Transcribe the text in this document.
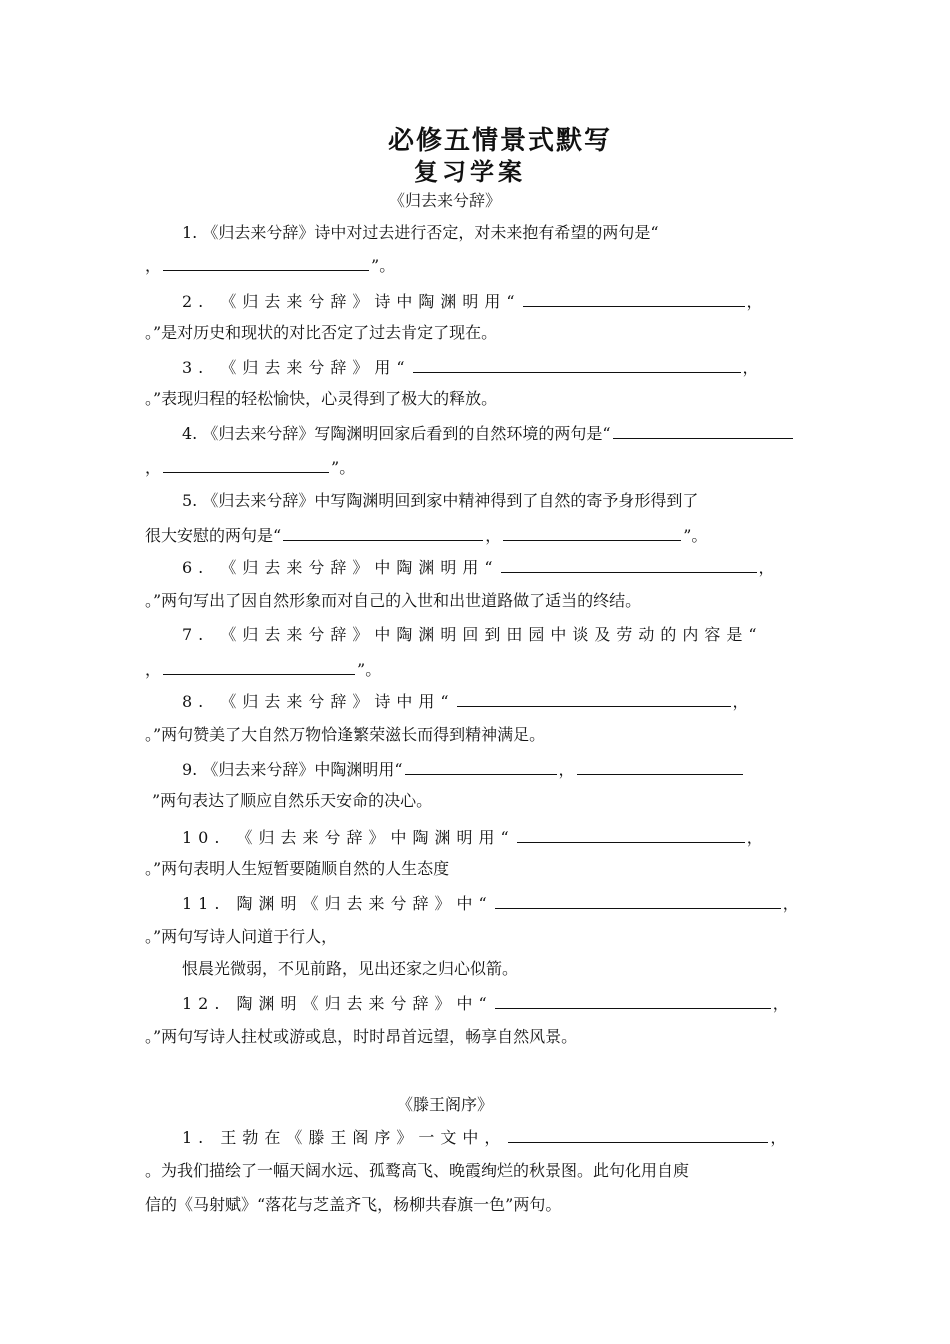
必修五情景式默写
复习学案
《归去来兮辞》
1. 《归去来兮辞》诗中对过去进行否定，对未来抱有希望的两句是“
，	”。
2. 《归去来兮辞》诗中陶渊明用“	，
。”是对历史和现状的对比否定了过去肯定了现在。
3. 《归去来兮辞》用“	，
。”表现归程的轻松愉快，心灵得到了极大的释放。
4. 《归去来兮辞》写陶渊明回家后看到的自然环境的两句是“
，	”。
5. 《归去来兮辞》中写陶渊明回到家中精神得到了自然的寄予身形得到了
很大安慰的两句是“	，	”。
6. 《归去来兮辞》中陶渊明用“	，
。”两句写出了因自然形象而对自己的入世和出世道路做了适当的终结。
7. 《归去来兮辞》中陶渊明回到田园中谈及劳动的内容是“
，	”。
8. 《归去来兮辞》诗中用“	，
。”两句赞美了大自然万物恰逢繁荣滋长而得到精神满足。
9. 《归去来兮辞》中陶渊明用“	，
”两句表达了顺应自然乐天安命的决心。
10. 《归去来兮辞》中陶渊明用“	，
。”两句表明人生短暂要随顺自然的人生态度
11. 陶渊明《归去来兮辞》中“	，
。”两句写诗人问道于行人，
恨晨光微弱，不见前路，见出还家之归心似箭。
12. 陶渊明《归去来兮辞》中“	，
。”两句写诗人拄杖或游或息，时时昂首远望，畅享自然风景。
《滕王阁序》
1. 王勃在《滕王阁序》一文中，	，
。为我们描绘了一幅天阔水远、孤鹜高飞、晚霞绚烂的秋景图。此句化用自庾
信的《马射赋》“落花与芝盖齐飞，杨柳共春旗一色”两句。
